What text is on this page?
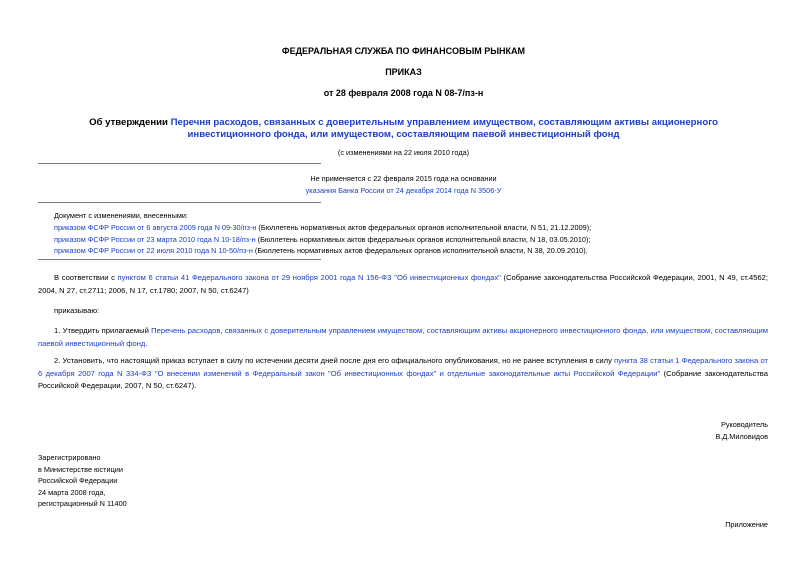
ФЕДЕРАЛЬНАЯ СЛУЖБА ПО ФИНАНСОВЫМ РЫНКАМ
ПРИКАЗ
от 28 февраля 2008 года N 08-7/пз-н
Об утверждении Перечня расходов, связанных с доверительным управлением имуществом, составляющим активы акционерного инвестиционного фонда, или имуществом, составляющим паевой инвестиционный фонд
(с изменениями на 22 июля 2010 года)
Не применяется с 22 февраля 2015 года на основании
указания Банка России от 24 декабря 2014 года N 3506-У
Документ с изменениями, внесенными:
приказом ФСФР России от 6 августа 2009 года N 09-30/пз-н (Бюллетень нормативных актов федеральных органов исполнительной власти, N 51, 21.12.2009);
приказом ФСФР России от 23 марта 2010 года N 10-18/пз-н (Бюллетень нормативных актов федеральных органов исполнительной власти, N 18, 03.05.2010);
приказом ФСФР России от 22 июля 2010 года N 10-50/пз-н (Бюллетень нормативных актов федеральных органов исполнительной власти, N 38, 20.09.2010).
В соответствии с пунктом 6 статьи 41 Федерального закона от 29 ноября 2001 года N 156-ФЗ "Об инвестиционных фондах" (Собрание законодательства Российской Федерации, 2001, N 49, ст.4562; 2004, N 27, ст.2711; 2006, N 17, ст.1780; 2007, N 50, ст.6247)
приказываю:
1. Утвердить прилагаемый Перечень расходов, связанных с доверительным управлением имуществом, составляющим активы акционерного инвестиционного фонда, или имуществом, составляющим паевой инвестиционный фонд.
2. Установить, что настоящий приказ вступает в силу по истечении десяти дней после дня его официального опубликования, но не ранее вступления в силу пункта 38 статьи 1 Федерального закона от 6 декабря 2007 года N 334-ФЗ "О внесении изменений в Федеральный закон "Об инвестиционных фондах" и отдельные законодательные акты Российской Федерации" (Собрание законодательства Российской Федерации, 2007, N 50, ст.6247).
Руководитель
В.Д.Миловидов
Зарегистрировано
в Министерстве юстиции
Российской Федерации
24 марта 2008 года,
регистрационный N 11400
Приложение
